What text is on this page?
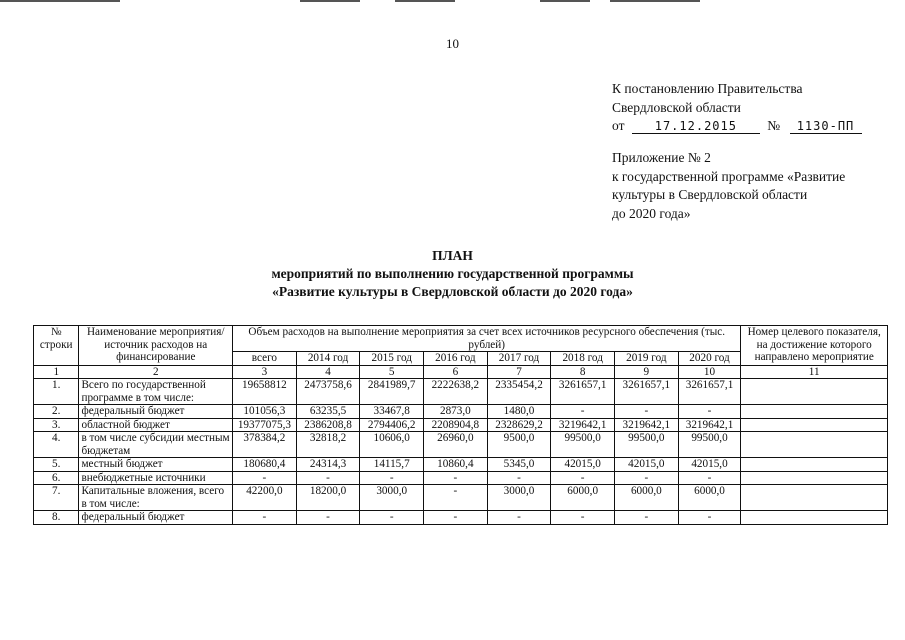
10
К постановлению Правительства
Свердловской области
от	17.12.2015 № 1130-ПП
Приложение № 2
к государственной программе «Развитие
культуры в Свердловской области
до 2020 года»
ПЛАН
мероприятий по выполнению государственной программы
«Развитие культуры в Свердловской области до 2020 года»
№ строки	Наименование мероприятия/ источник расходов на финансирование	Объем расходов на выполнение мероприятия за счет всех источников ресурсного обеспечения (тыс. рублей)								Номер целевого показателя, на достижение которого направлено мероприятие
		всего	2014 год	2015 год	2016 год	2017 год	2018 год	2019 год	2020 год	
1	2	3	4	5	6	7	8	9	10	11
1.	Всего по государственной программе в том числе:	19658812	2473758,6	2841989,7	2222638,2	2335454,2	3261657,1	3261657,1	3261657,1	
2.	федеральный бюджет	101056,3	63235,5	33467,8	2873,0	1480,0	-	-	-	
3.	областной бюджет	19377075,3	2386208,8	2794406,2	2208904,8	2328629,2	3219642,1	3219642,1	3219642,1	
4.	в том числе субсидии местным бюджетам	378384,2	32818,2	10606,0	26960,0	9500,0	99500,0	99500,0	99500,0	
5.	местный бюджет	180680,4	24314,3	14115,7	10860,4	5345,0	42015,0	42015,0	42015,0	
6.	внебюджетные источники	-	-	-	-	-	-	-	-	
7.	Капитальные вложения, всего в том числе:	42200,0	18200,0	3000,0	-	3000,0	6000,0	6000,0	6000,0	
8.	федеральный бюджет	-	-	-	-	-	-	-	-	
